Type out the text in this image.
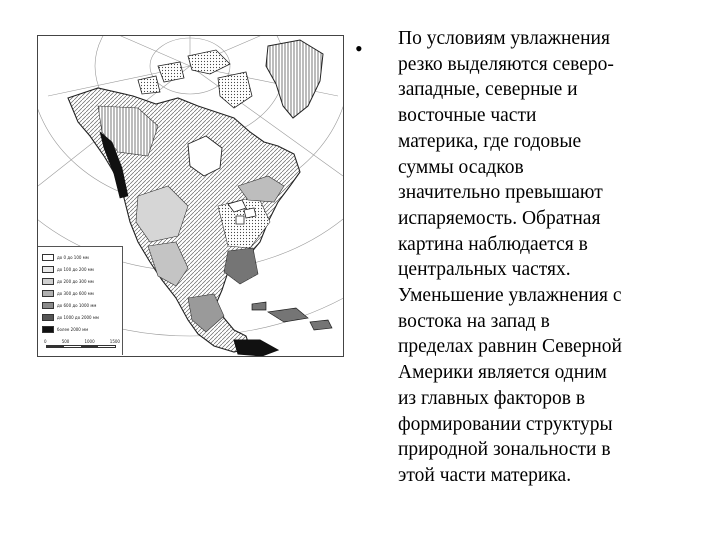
до 0 до 100 мм
до 100 до 200 мм
до 200 до 300 мм
до 300 до 600 мм
до 600 до 1000 мм
до 1000 до 2000 мм
более 2000 мм
0	500	1000	1500
•	По условиям увлажнения
резко выделяются северо-
западные, северные и
восточные части
материка, где годовые
суммы осадков
значительно превышают
испаряемость. Обратная
картина наблюдается в
центральных частях.
Уменьшение увлажнения с
востока на запад в
пределах равнин Северной
Америки является одним
из главных факторов в
формировании структуры
природной зональности в
этой части материка.
